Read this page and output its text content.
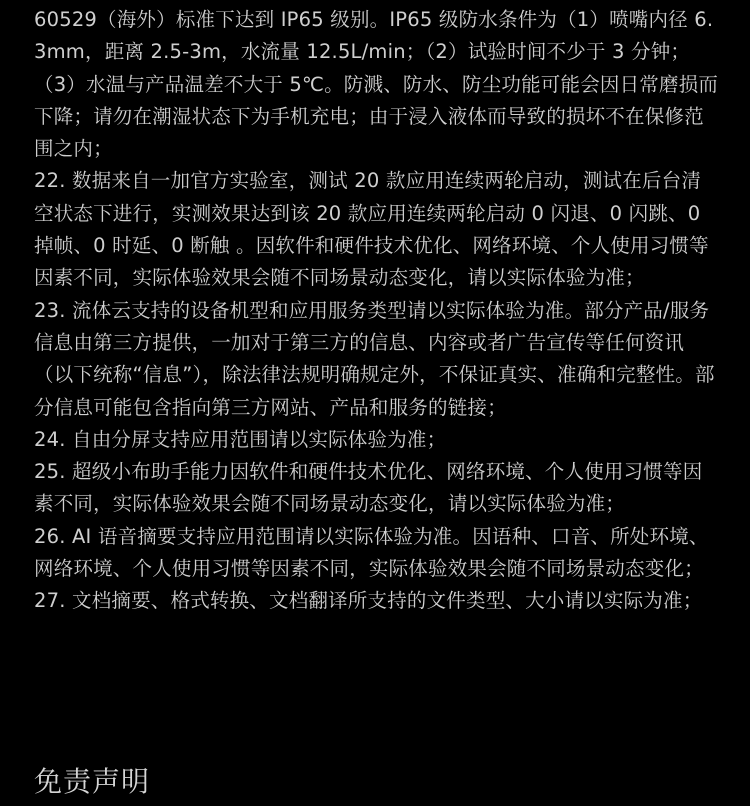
60529（海外）标准下达到 IP65 级别。IP65 级防水条件为（1）喷嘴内径 6.3mm，距离 2.5-3m，水流量 12.5L/min；（2）试验时间不少于 3 分钟；（3）水温与产品温差不大于 5℃。防溅、防水、防尘功能可能会因日常磨损而下降；请勿在潮湿状态下为手机充电；由于浸入液体而导致的损坏不在保修范围之内；

22. 数据来自一加官方实验室，测试 20 款应用连续两轮启动，测试在后台清空状态下进行，实测效果达到该 20 款应用连续两轮启动 0 闪退、0 闪跳、0 掉帧、0 时延、0 断触 。因软件和硬件技术优化、网络环境、个人使用习惯等因素不同，实际体验效果会随不同场景动态变化，请以实际体验为准；

23. 流体云支持的设备机型和应用服务类型请以实际体验为准。部分产品/服务信息由第三方提供，一加对于第三方的信息、内容或者广告宣传等任何资讯（以下统称“信息”），除法律法规明确规定外，不保证真实、准确和完整性。部分信息可能包含指向第三方网站、产品和服务的链接；

24. 自由分屏支持应用范围请以实际体验为准；

25. 超级小布助手能力因软件和硬件技术优化、网络环境、个人使用习惯等因素不同，实际体验效果会随不同场景动态变化，请以实际体验为准；

26. AI 语音摘要支持应用范围请以实际体验为准。因语种、口音、所处环境、网络环境、个人使用习惯等因素不同，实际体验效果会随不同场景动态变化；

27. 文档摘要、格式转换、文档翻译所支持的文件类型、大小请以实际为准；

免责声明
